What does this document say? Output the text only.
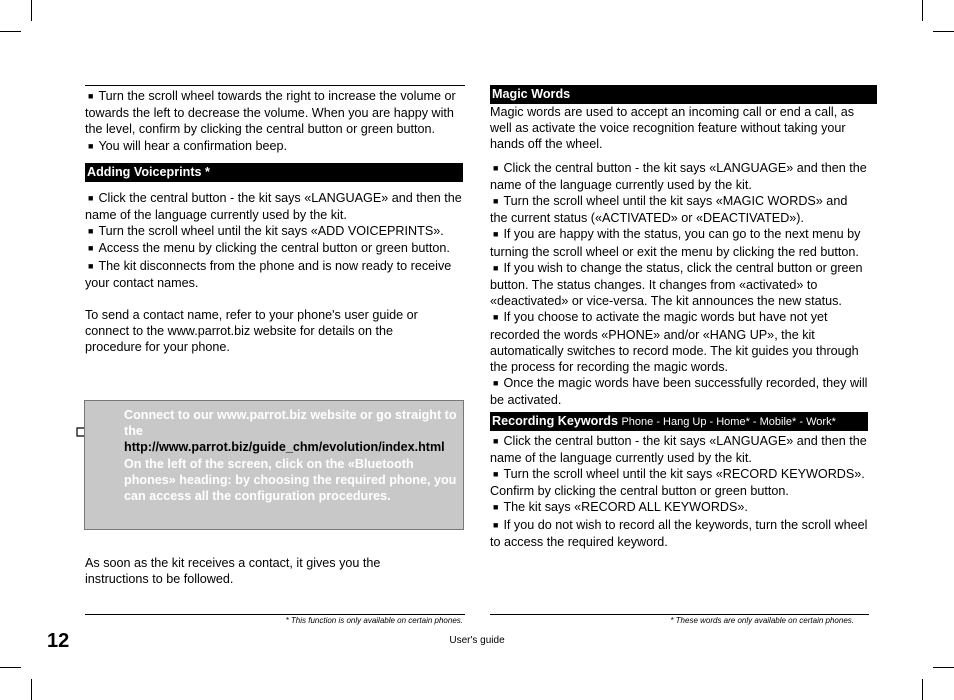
■ Turn the scroll wheel towards the right to increase the volume or towards the left to decrease the volume. When you are happy with the level, confirm by clicking the central button or green button.

■ You will hear a confirmation beep.

Adding Voiceprints *

■ Click the central button - the kit says «LANGUAGE» and then the name of the language currently used by the kit.

■ Turn the scroll wheel until the kit says «ADD VOICEPRINTS».

■ Access the menu by clicking the central button or green button.

■ The kit disconnects from the phone and is now ready to receive your contact names.

To send a contact name, refer to your phone's user guide or connect to the www.parrot.biz website for details on the procedure for your phone.

Connect to our www.parrot.biz website or go straight to the http://www.parrot.biz/guide_chm/evolution/index.html
On the left of the screen, click on the «Bluetooth phones» heading: by choosing the required phone, you can access all the configuration procedures.

As soon as the kit receives a contact, it gives you the instructions to be followed.

* This function is only available on certain phones.
Magic Words

Magic words are used to accept an incoming call or end a call, as well as activate the voice recognition feature without taking your hands off the wheel.

■ Click the central button - the kit says «LANGUAGE» and then the name of the language currently used by the kit.

■ Turn the scroll wheel until the kit says «MAGIC WORDS» and the current status («ACTIVATED» or «DEACTIVATED»).

■ If you are happy with the status, you can go to the next menu by turning the scroll wheel or exit the menu by clicking the red button.

■ If you wish to change the status, click the central button or green button. The status changes. It changes from «activated» to «deactivated» or vice-versa. The kit announces the new status.

■ If you choose to activate the magic words but have not yet recorded the words «PHONE» and/or «HANG UP», the kit automatically switches to record mode. The kit guides you through the process for recording the magic words.

■ Once the magic words have been successfully recorded, they will be activated.

Recording Keywords Phone - Hang Up - Home* - Mobile* - Work*

■ Click the central button - the kit says «LANGUAGE» and then the name of the language currently used by the kit.

■ Turn the scroll wheel until the kit says «RECORD KEYWORDS». Confirm by clicking the central button or green button.

■ The kit says «RECORD ALL KEYWORDS».

■ If you do not wish to record all the keywords, turn the scroll wheel to access the required keyword.

* These words are only available on certain phones.
12	User's guide
